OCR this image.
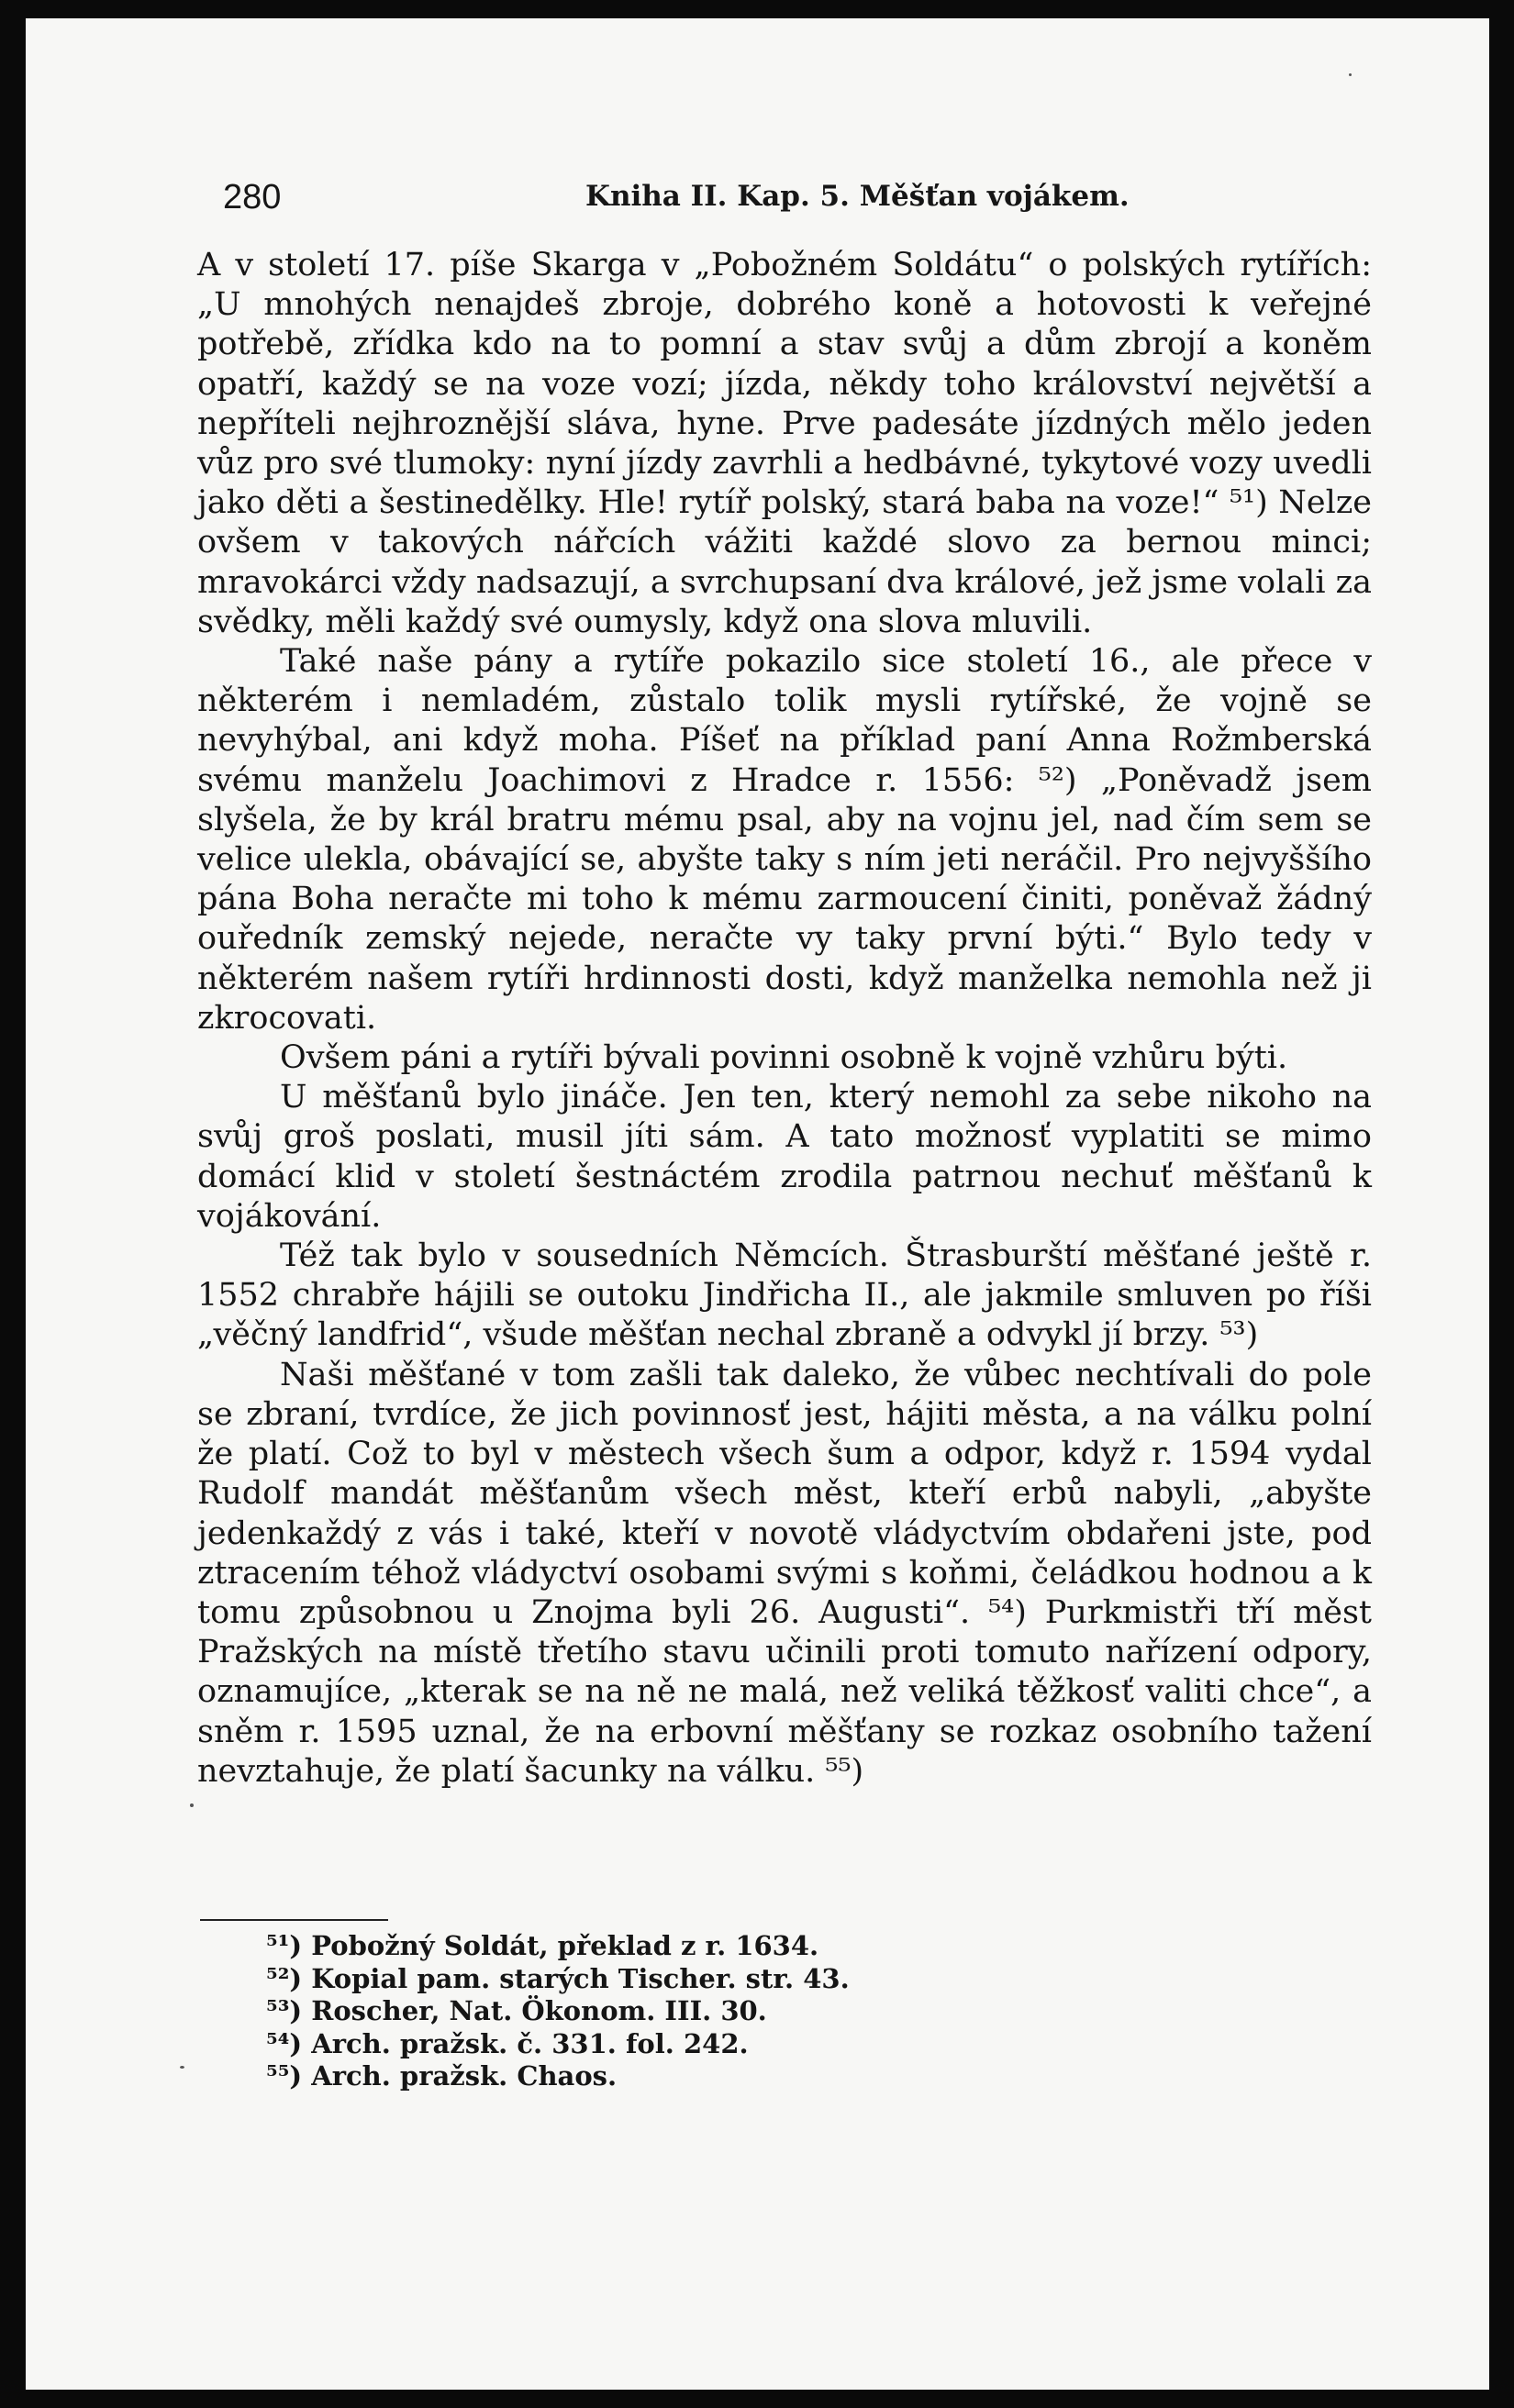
280	Kniha II. Kap. 5. Měšťan vojákem.

A v století 17. píše Skarga v „Pobožném Soldátu“ o polských rytířích: „U mnohých nenajdeš zbroje, dobrého koně a hotovosti k veřejné potřebě, zřídka kdo na to pomní a stav svůj a dům zbrojí a koněm opatří, každý se na voze vozí; jízda, někdy toho království největší a nepříteli nejhroznější sláva, hyne. Prve padesáte jízdných mělo jeden vůz pro své tlumoky: nyní jízdy zavrhli a hedbávné, tykytové vozy uvedli jako děti a šestinedělky. Hle! rytíř polský, stará baba na voze!“ ⁵¹) Nelze ovšem v takových nářcích vážiti každé slovo za bernou minci; mravokárci vždy nadsazují, a svrchupsaní dva králové, jež jsme volali za svědky, měli každý své oumysly, když ona slova mluvili.

Také naše pány a rytíře pokazilo sice století 16., ale přece v některém i nemladém, zůstalo tolik mysli rytířské, že vojně se nevyhýbal, ani když moha. Píšeť na příklad paní Anna Rožmberská svému manželu Joachimovi z Hradce r. 1556: ⁵²) „Poněvadž jsem slyšela, že by král bratru mému psal, aby na vojnu jel, nad čím sem se velice ulekla, obávající se, abyšte taky s ním jeti neráčil. Pro nejvyššího pána Boha neračte mi toho k mému zarmoucení činiti, poněvaž žádný ouředník zemský nejede, neračte vy taky první býti.“ Bylo tedy v některém našem rytíři hrdinnosti dosti, když manželka nemohla než ji zkrocovati.

Ovšem páni a rytíři bývali povinni osobně k vojně vzhůru býti.

U měšťanů bylo jináče. Jen ten, který nemohl za sebe nikoho na svůj groš poslati, musil jíti sám. A tato možnosť vyplatiti se mimo domácí klid v století šestnáctém zrodila patrnou nechuť měšťanů k vojákování.

Též tak bylo v sousedních Němcích. Štrasburští měšťané ještě r. 1552 chrabře hájili se outoku Jindřicha II., ale jakmile smluven po říši „věčný landfrid“, všude měšťan nechal zbraně a odvykl jí brzy. ⁵³)

Naši měšťané v tom zašli tak daleko, že vůbec nechtívali do pole se zbraní, tvrdíce, že jich povinnosť jest, hájiti města, a na válku polní že platí. Což to byl v městech všech šum a odpor, když r. 1594 vydal Rudolf mandát měšťanům všech měst, kteří erbů nabyli, „abyšte jedenkaždý z vás i také, kteří v novotě vládyctvím obdařeni jste, pod ztracením téhož vládyctví osobami svými s koňmi, čeládkou hodnou a k tomu způsobnou u Znojma byli 26. Augusti“. ⁵⁴) Purkmistři tří měst Pražských na místě třetího stavu učinili proti tomuto nařízení odpory, oznamujíce, „kterak se na ně ne malá, než veliká těžkosť valiti chce“, a sněm r. 1595 uznal, že na erbovní měšťany se rozkaz osobního tažení nevztahuje, že platí šacunky na válku. ⁵⁵)

⁵¹) Pobožný Soldát, překlad z r. 1634.
⁵²) Kopial pam. starých Tischer. str. 43.
⁵³) Roscher, Nat. Ökonom. III. 30.
⁵⁴) Arch. pražsk. č. 331. fol. 242.
⁵⁵) Arch. pražsk. Chaos.
